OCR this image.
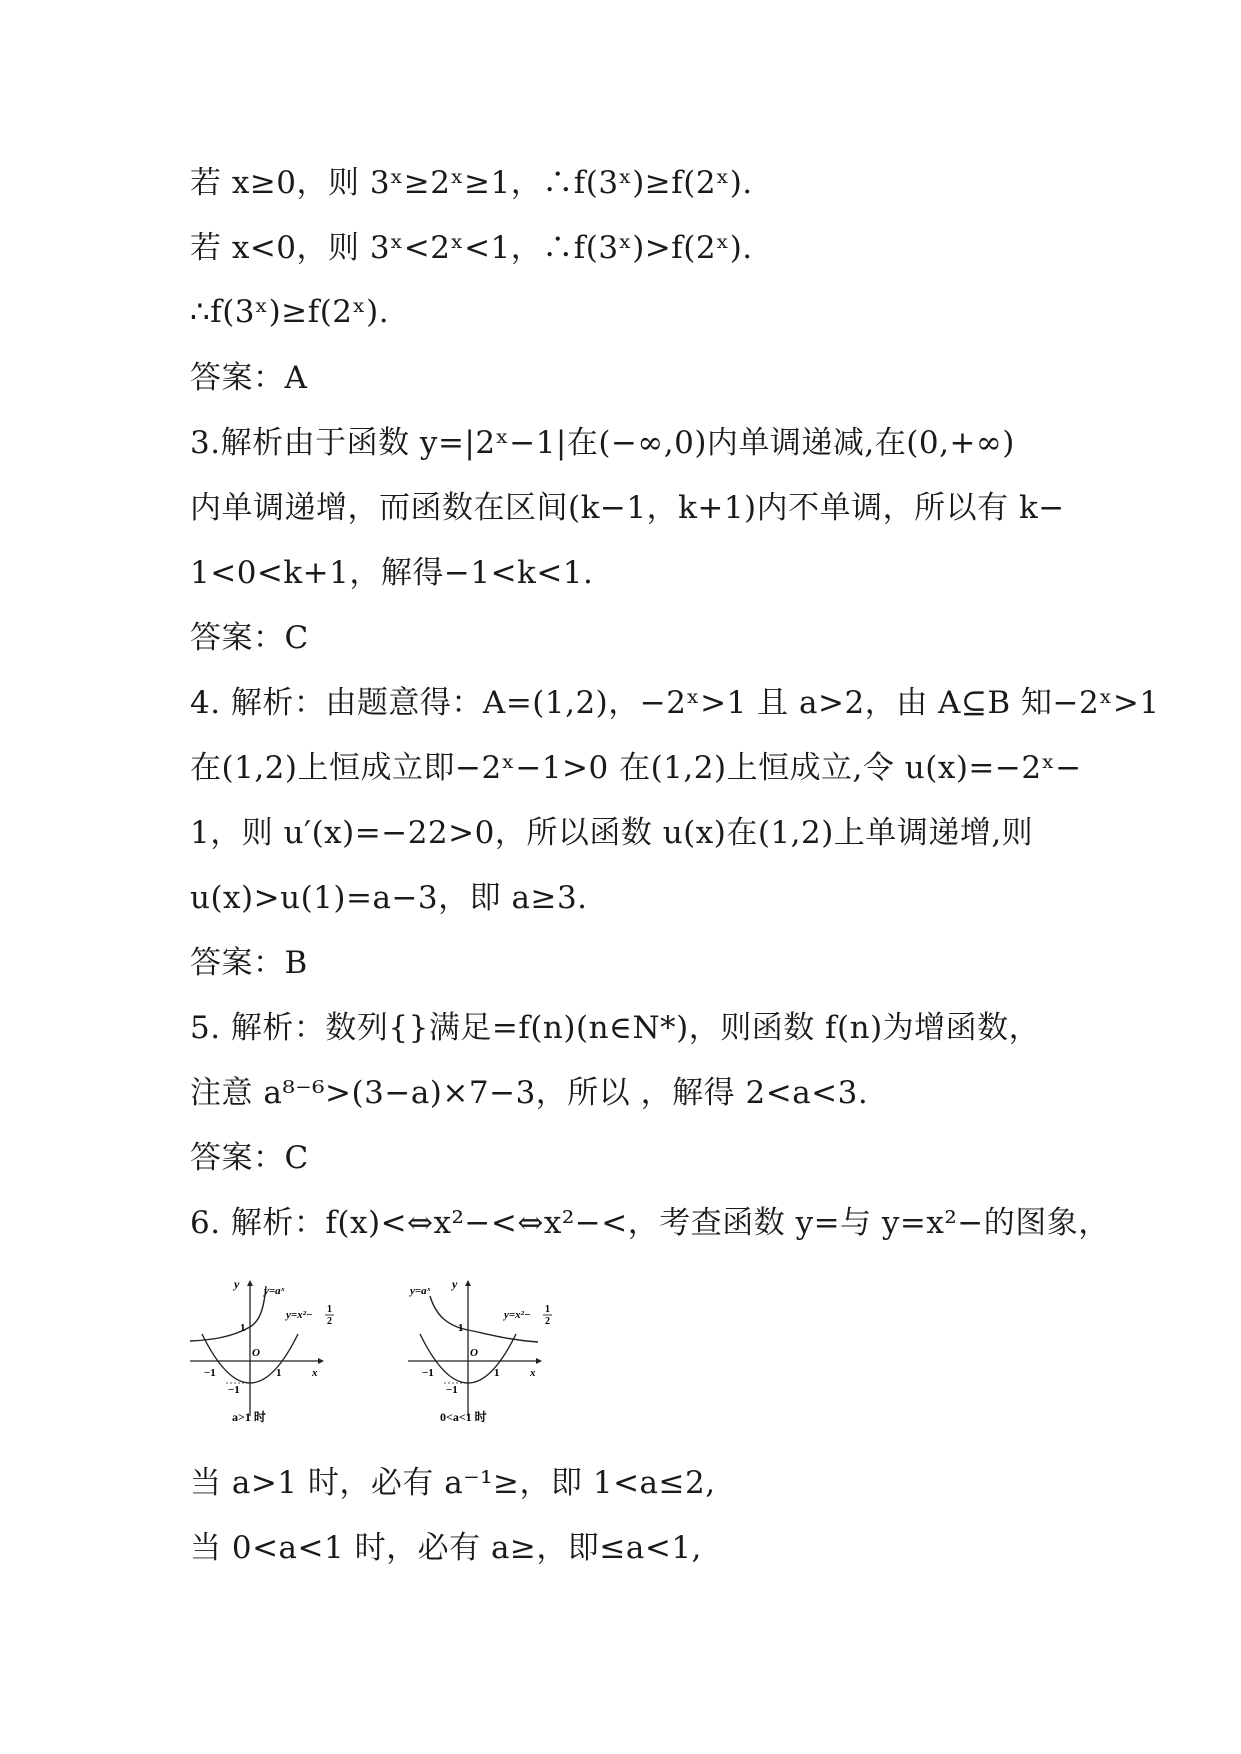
若 x≥0，则 3ˣ≥2ˣ≥1，∴f(3ˣ)≥f(2ˣ).
若 x<0，则 3ˣ<2ˣ<1，∴f(3ˣ)>f(2ˣ).
∴f(3ˣ)≥f(2ˣ).
答案：A
3.解析由于函数 y=|2ˣ−1|在(−∞,0)内单调递减,在(0,+∞)
内单调递增，而函数在区间(k−1，k+1)内不单调，所以有 k−
1<0<k+1，解得−1<k<1.
答案：C
4. 解析：由题意得：A=(1,2)，−2ˣ>1 且 a>2，由 A⊆B 知−2ˣ>1
在(1,2)上恒成立即−2ˣ−1>0 在(1,2)上恒成立,令 u(x)=−2ˣ−
1，则 u′(x)=−22>0，所以函数 u(x)在(1,2)上单调递增,则
u(x)>u(1)=a−3，即 a≥3.
答案：B
5. 解析：数列{}满足=f(n)(n∈N*)，则函数 f(n)为增函数，
注意 a⁸⁻⁶>(3−a)×7−3，所以 ，解得 2<a<3.
答案：C
6. 解析：f(x)<⇔x²−<⇔x²−<，考查函数 y=与 y=x²−的图象，
y y=aˣ
y=x²− 1
2
1
O
−1	1	x
−1
a>1 时
y
y=aˣ
y=x²− 1
2
1
O
−1	1	x
−1
0<a<1 时
当 a>1 时，必有 a⁻¹≥，即 1<a≤2,
当 0<a<1 时，必有 a≥，即≤a<1,
